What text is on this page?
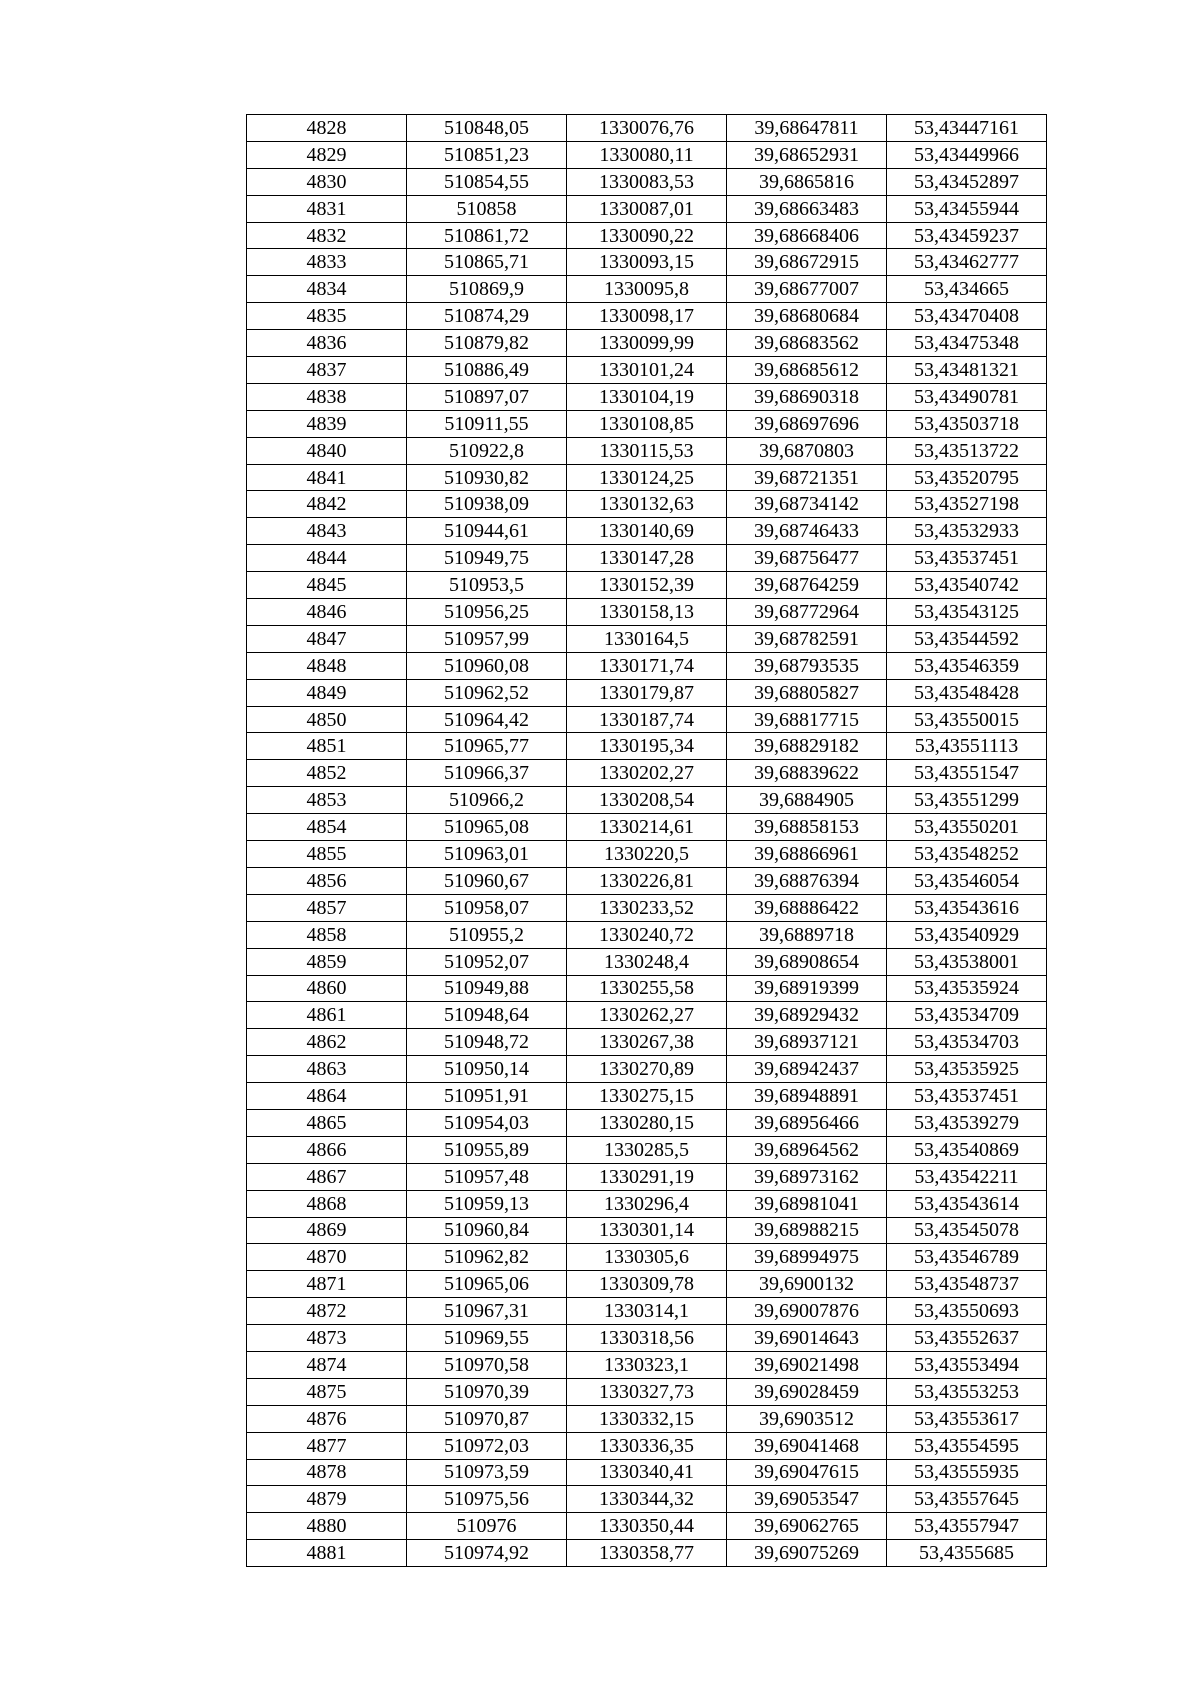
4828	510848,05	1330076,76	39,68647811	53,43447161
4829	510851,23	1330080,11	39,68652931	53,43449966
4830	510854,55	1330083,53	39,6865816	53,43452897
4831	510858	1330087,01	39,68663483	53,43455944
4832	510861,72	1330090,22	39,68668406	53,43459237
4833	510865,71	1330093,15	39,68672915	53,43462777
4834	510869,9	1330095,8	39,68677007	53,434665
4835	510874,29	1330098,17	39,68680684	53,43470408
4836	510879,82	1330099,99	39,68683562	53,43475348
4837	510886,49	1330101,24	39,68685612	53,43481321
4838	510897,07	1330104,19	39,68690318	53,43490781
4839	510911,55	1330108,85	39,68697696	53,43503718
4840	510922,8	1330115,53	39,6870803	53,43513722
4841	510930,82	1330124,25	39,68721351	53,43520795
4842	510938,09	1330132,63	39,68734142	53,43527198
4843	510944,61	1330140,69	39,68746433	53,43532933
4844	510949,75	1330147,28	39,68756477	53,43537451
4845	510953,5	1330152,39	39,68764259	53,43540742
4846	510956,25	1330158,13	39,68772964	53,43543125
4847	510957,99	1330164,5	39,68782591	53,43544592
4848	510960,08	1330171,74	39,68793535	53,43546359
4849	510962,52	1330179,87	39,68805827	53,43548428
4850	510964,42	1330187,74	39,68817715	53,43550015
4851	510965,77	1330195,34	39,68829182	53,43551113
4852	510966,37	1330202,27	39,68839622	53,43551547
4853	510966,2	1330208,54	39,6884905	53,43551299
4854	510965,08	1330214,61	39,68858153	53,43550201
4855	510963,01	1330220,5	39,68866961	53,43548252
4856	510960,67	1330226,81	39,68876394	53,43546054
4857	510958,07	1330233,52	39,68886422	53,43543616
4858	510955,2	1330240,72	39,6889718	53,43540929
4859	510952,07	1330248,4	39,68908654	53,43538001
4860	510949,88	1330255,58	39,68919399	53,43535924
4861	510948,64	1330262,27	39,68929432	53,43534709
4862	510948,72	1330267,38	39,68937121	53,43534703
4863	510950,14	1330270,89	39,68942437	53,43535925
4864	510951,91	1330275,15	39,68948891	53,43537451
4865	510954,03	1330280,15	39,68956466	53,43539279
4866	510955,89	1330285,5	39,68964562	53,43540869
4867	510957,48	1330291,19	39,68973162	53,43542211
4868	510959,13	1330296,4	39,68981041	53,43543614
4869	510960,84	1330301,14	39,68988215	53,43545078
4870	510962,82	1330305,6	39,68994975	53,43546789
4871	510965,06	1330309,78	39,6900132	53,43548737
4872	510967,31	1330314,1	39,69007876	53,43550693
4873	510969,55	1330318,56	39,69014643	53,43552637
4874	510970,58	1330323,1	39,69021498	53,43553494
4875	510970,39	1330327,73	39,69028459	53,43553253
4876	510970,87	1330332,15	39,6903512	53,43553617
4877	510972,03	1330336,35	39,69041468	53,43554595
4878	510973,59	1330340,41	39,69047615	53,43555935
4879	510975,56	1330344,32	39,69053547	53,43557645
4880	510976	1330350,44	39,69062765	53,43557947
4881	510974,92	1330358,77	39,69075269	53,4355685
